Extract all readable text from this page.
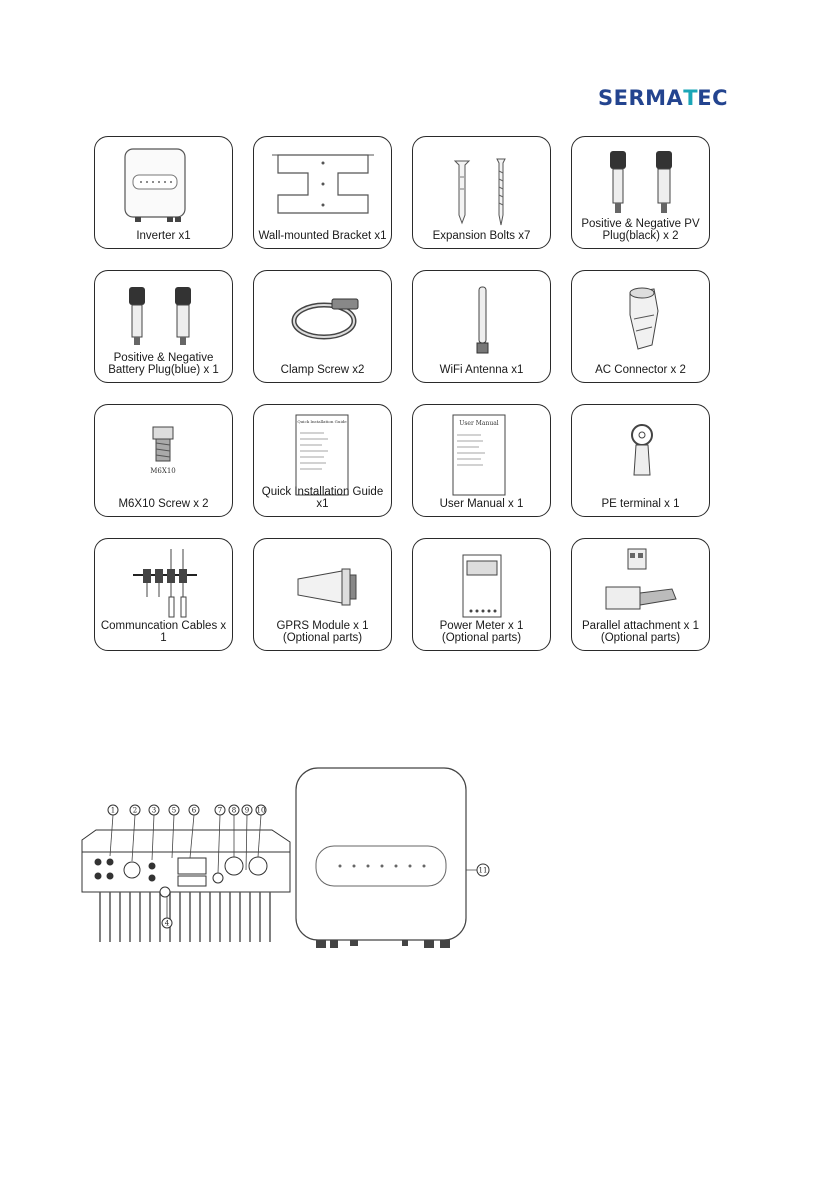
SERMA T EC
Inverter x1	Wall-mounted Bracket x1	Expansion Bolts x7
Positive & Negative PV Plug(black) x 2
Positive & Negative Battery Plug(blue) x 1	Clamp Screw x2	WiFi Antenna x1	AC Connector x 2
M6X10
M6X10 Screw x 2
Quick Installation Guide
Quick Installation Guide x1
User Manual
User Manual x 1	PE terminal x 1
Communcation Cables x 1
GPRS Module x 1 (Optional parts)
Power Meter x 1 (Optional parts)
Parallel attachment x 1 (Optional parts)
1	2 3 5 6	7 8 9 10
4
11
